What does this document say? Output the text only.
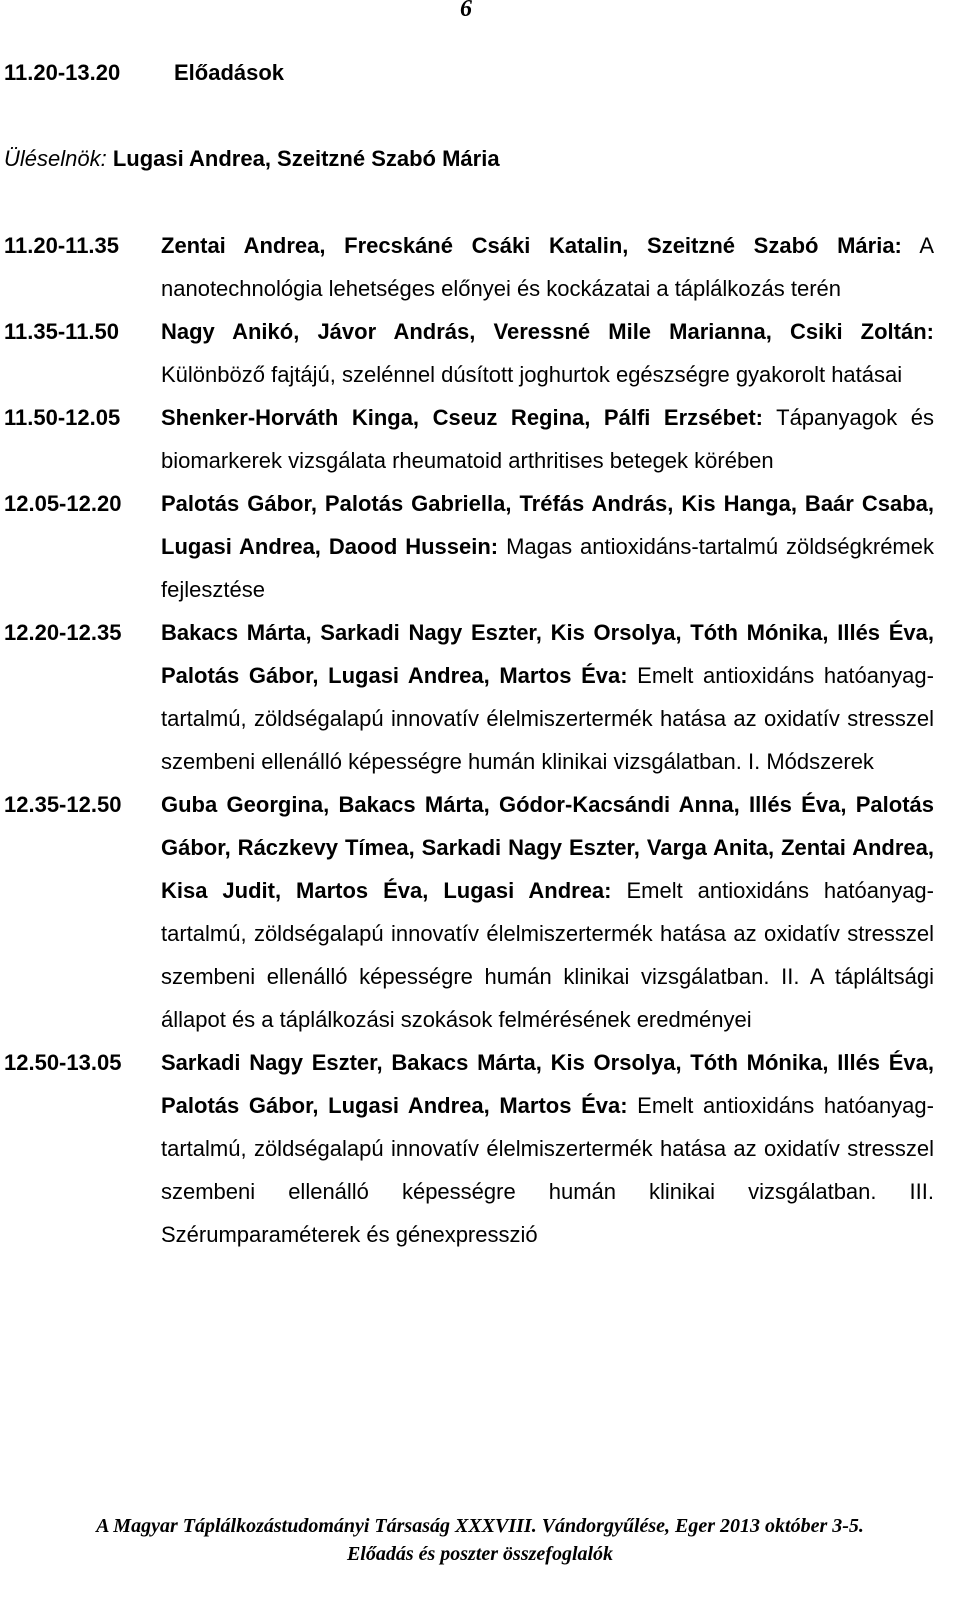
6
11.20-13.20 Előadások
Üléselnök: Lugasi Andrea, Szeitzné Szabó Mária
11.20-11.35 Zentai Andrea, Frecskáné Csáki Katalin, Szeitzné Szabó Mária: A nanotechnológia lehetséges előnyei és kockázatai a táplálkozás terén
11.35-11.50 Nagy Anikó, Jávor András, Veressné Mile Marianna, Csiki Zoltán: Különböző fajtájú, szelénnel dúsított joghurtok egészségre gyakorolt hatásai
11.50-12.05 Shenker-Horváth Kinga, Cseuz Regina, Pálfi Erzsébet: Tápanyagok és biomarkerek vizsgálata rheumatoid arthritises betegek körében
12.05-12.20 Palotás Gábor, Palotás Gabriella, Tréfás András, Kis Hanga, Baár Csaba, Lugasi Andrea, Daood Hussein: Magas antioxidáns-tartalmú zöldségkrémek fejlesztése
12.20-12.35 Bakacs Márta, Sarkadi Nagy Eszter, Kis Orsolya, Tóth Mónika, Illés Éva, Palotás Gábor, Lugasi Andrea, Martos Éva: Emelt antioxidáns hatóanyag-tartalmú, zöldségalapú innovatív élelmiszertermék hatása az oxidatív stresszel szembeni ellenálló képességre humán klinikai vizsgálatban. I. Módszerek
12.35-12.50 Guba Georgina, Bakacs Márta, Gódor-Kacsándi Anna, Illés Éva, Palotás Gábor, Ráczkevy Tímea, Sarkadi Nagy Eszter, Varga Anita, Zentai Andrea, Kisa Judit, Martos Éva, Lugasi Andrea: Emelt antioxidáns hatóanyag-tartalmú, zöldségalapú innovatív élelmiszertermék hatása az oxidatív stresszel szembeni ellenálló képességre humán klinikai vizsgálatban. II. A tápláltsági állapot és a táplálkozási szokások felmérésének eredményei
12.50-13.05 Sarkadi Nagy Eszter, Bakacs Márta, Kis Orsolya, Tóth Mónika, Illés Éva, Palotás Gábor, Lugasi Andrea, Martos Éva: Emelt antioxidáns hatóanyag-tartalmú, zöldségalapú innovatív élelmiszertermék hatása az oxidatív stresszel szembeni ellenálló képességre humán klinikai vizsgálatban. III. Szérumparaméterek és génexpresszió
A Magyar Táplálkozástudományi Társaság XXXVIII. Vándorgyűlése, Eger 2013 október 3-5.
Előadás és poszter összefoglalók
